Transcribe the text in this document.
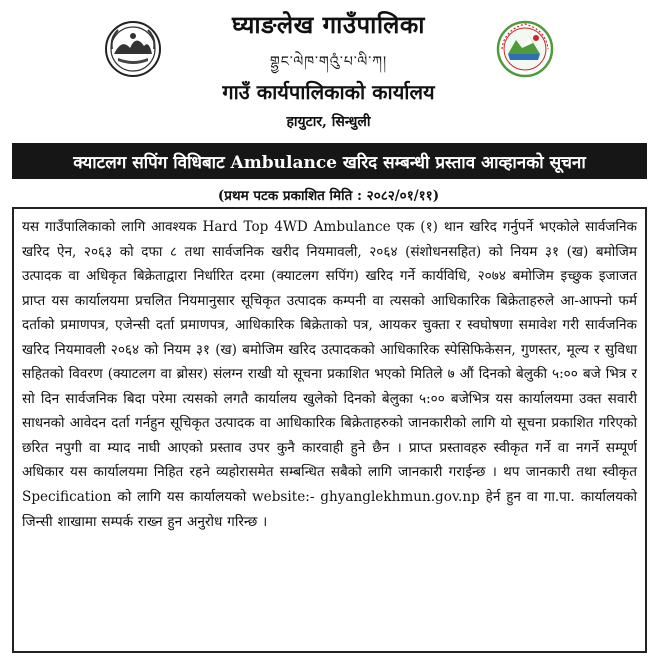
घ्याङलेख गाउँपालिका
གྷྱང་ལེཁ་གའུཾ་པ་ལི་ཀ།
गाउँ कार्यपालिकाको कार्यालय
हायुटार, सिन्धुली
क्याटलग सपिंग विधिबाट Ambulance खरिद सम्बन्धी प्रस्ताव आव्हानको सूचना
(प्रथम पटक प्रकाशित मिति : २०८२/०१/११)

यस गाउँपालिकाको लागि आवश्यक Hard Top 4WD Ambulance एक (१) थान खरिद गर्नुपर्ने भएकोले सार्वजनिक खरिद ऐन, २०६३ को दफा ८ तथा सार्वजनिक खरीद नियमावली, २०६४ (संशोधनसहित) को नियम ३१ (ख) बमोजिम उत्पादक वा अधिकृत बिक्रेताद्वारा निर्धारित दरमा (क्याटलग सपिंग) खरिद गर्ने कार्यविधि, २०७४ बमोजिम इच्छुक इजाजत प्राप्त यस कार्यालयमा प्रचलित नियमानुसार सूचिकृत उत्पादक कम्पनी वा त्यसको आधिकारिक बिक्रेताहरुले आ-आफ्नो फर्म दर्ताको प्रमाणपत्र, एजेन्सी दर्ता प्रमाणपत्र, आधिकारिक बिक्रेताको पत्र, आयकर चुक्ता र स्वघोषणा समावेश गरी सार्वजनिक खरिद नियमावली २०६४ को नियम ३१ (ख) बमोजिम खरिद उत्पादकको आधिकारिक स्पेसिफिकेसन, गुणस्तर, मूल्य र सुविधा सहितको विवरण (क्याटलग वा ब्रोसर) संलग्न राखी यो सूचना प्रकाशित भएको मितिले ७ औं दिनको बेलुकी ५:०० बजे भित्र र सो दिन सार्वजनिक बिदा परेमा त्यसको लगतै कार्यालय खुलेको दिनको बेलुका ५:०० बजेभित्र यस कार्यालयमा उक्त सवारी साधनको आवेदन दर्ता गर्नहुन सूचिकृत उत्पादक वा आधिकारिक बिक्रेताहरुको जानकारीको लागि यो सूचना प्रकाशित गरिएको छरित नपुगी वा म्याद नाघी आएको प्रस्ताव उपर कुनै कारवाही हुने छैन । प्राप्त प्रस्तावहरु स्वीकृत गर्ने वा नगर्ने सम्पूर्ण अधिकार यस कार्यालयमा निहित रहने व्यहोरासमेत सम्बन्धित सबैको लागि जानकारी गराईन्छ । थप जानकारी तथा स्वीकृत Specification को लागि यस कार्यालयको website:- ghyanglekhmun.gov.np हेर्न हुन वा गा.पा. कार्यालयको जिन्सी शाखामा सम्पर्क राख्न हुन अनुरोध गरिन्छ ।
